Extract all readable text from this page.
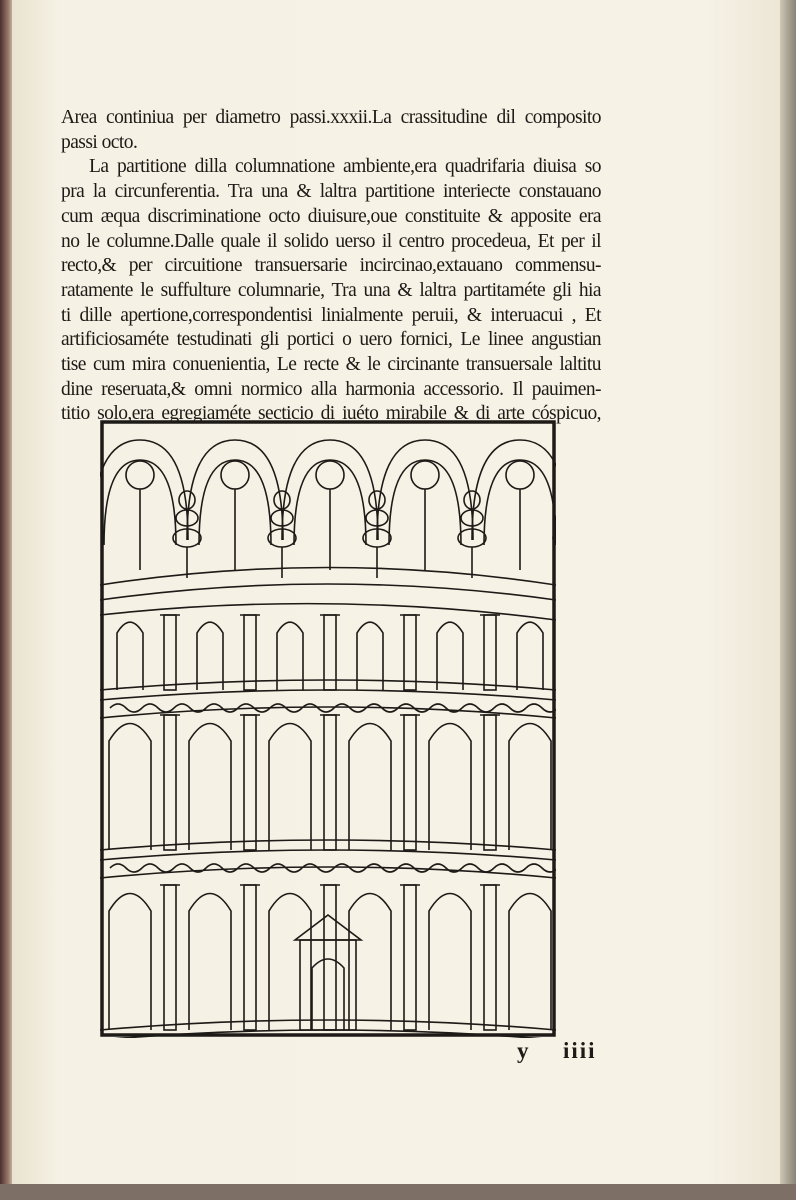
Area continiua per diametro passi.xxxii.La crassitudine dil composito
passi octo.
La partitione dilla columnatione ambiente,era quadrifaria diuisa so
pra la circunferentia. Tra una & laltra partitione interiecte constauano
cum æqua discriminatione octo diuisure,oue constituite & apposite era
no le columne.Dalle quale il solido uerso il centro procedeua, Et per il
recto,& per circuitione transuersarie incircinao,extauano commensu-
ratamente le suffulture columnarie, Tra una & laltra partitaméte gli hia
ti dille apertione,correspondentisi linialmente peruii, & interuacui , Et
artificiosaméte testudinati gli portici o uero fornici, Le linee angustian
tise cum mira conuenientia, Le recte & le circinante transuersale laltitu
dine reseruata,& omni normico alla harmonia accessorio. Il pauimen-
titio solo,era egregiaméte secticio di iuéto mirabile & di arte cóspicuo,
y iiii
